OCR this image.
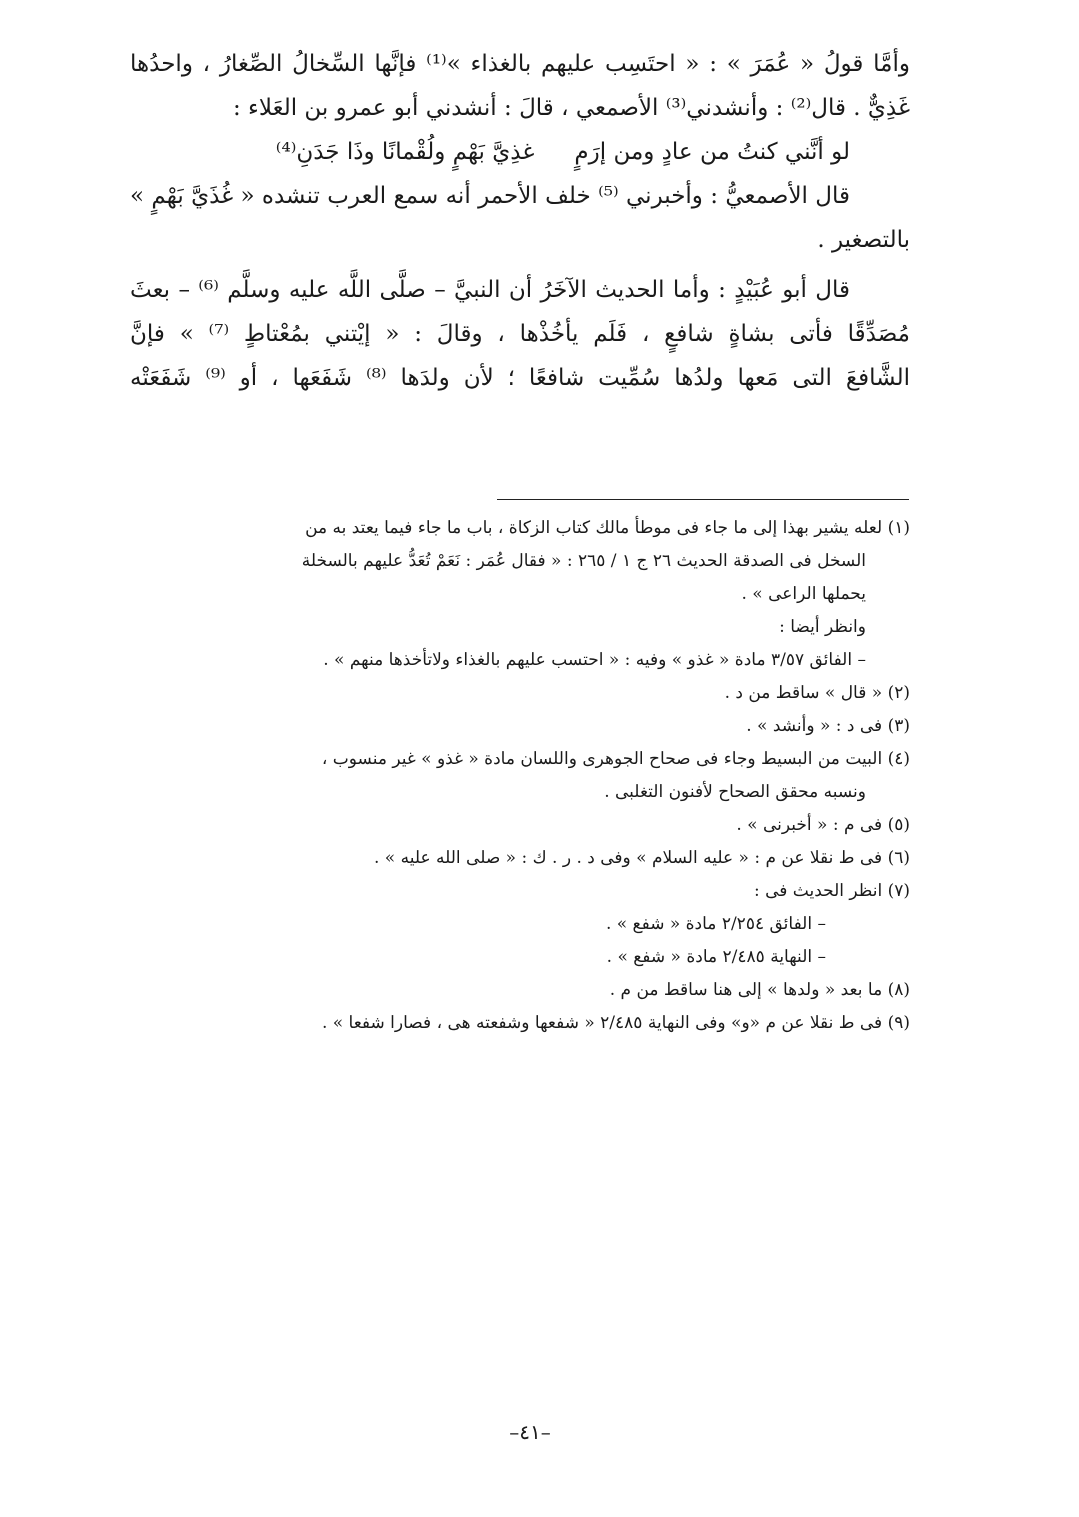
وأمَّا قولُ « عُمَرَ » : « احتَسِب عليهم بالغذاء »⁽¹⁾ فإنَّها السِّخالُ الصِّغارُ ، واحدُها
غَذِيٌّ . قال⁽²⁾ : وأنشدني⁽³⁾ الأصمعي ، قالَ : أنشدني أبو عمرو بن العَلاء :
لو أنَّني كنتُ من عادٍ ومن إرَمٍ
غذِيَّ بَهْمٍ ولُقْمانًا وذَا جَدَنِ⁽⁴⁾
قال الأصمعيُّ : وأخبرني ⁽⁵⁾ خلف الأحمر أنه سمع العرب تنشده « غُذَيَّ بَهْمٍ »
بالتصغير .
قال أبو عُبَيْدٍ : وأما الحديث الآخَرُ أن النبيَّ – صلَّى اللَّه عليه وسلَّم ⁽⁶⁾ – بعثَ
مُصَدِّقًا فأتى بشاةٍ شافعٍ ، فَلَم يأخُذْها ، وقالَ : « إيْتني بمُعْتاطٍ ⁽⁷⁾ » فإنَّ
الشَّافعَ التى مَعها ولدُها سُمِّيت شافعًا ؛ لأن ولدَها ⁽⁸⁾ شَفَعَها ، أو ⁽⁹⁾ شَفَعَتْه
(١) لعله يشير بهذا إلى ما جاء فى موطأ مالك كتاب الزكاة ، باب ما جاء فيما يعتد به من
السخل فى الصدقة الحديث ٢٦ ج ١ / ٢٦٥ : « فقال عُمَر : نَعَمْ تُعَدُّ عليهم بالسخلة
يحملها الراعى » .
وانظر أيضا :
– الفائق ٣/٥٧ مادة « غذو » وفيه : « احتسب عليهم بالغذاء ولاتأخذها منهم » .
(٢) « قال » ساقط من د .
(٣) فى د : « وأنشد » .
(٤) البيت من البسيط وجاء فى صحاح الجوهرى واللسان مادة « غذو » غير منسوب ،
ونسبه محقق الصحاح لأفنون التغلبى .
(٥) فى م : « أخبرنى » .
(٦) فى ط نقلا عن م : « عليه السلام » وفى د . ر . ك : « صلى الله عليه » .
(٧) انظر الحديث فى :
– الفائق ٢/٢٥٤ مادة « شفع » .
– النهاية ٢/٤٨٥ مادة « شفع » .
(٨) ما بعد « ولدها » إلى هنا ساقط من م .
(٩) فى ط نقلا عن م «و» وفى النهاية ٢/٤٨٥ « شفعها وشفعته هى ، فصارا شفعا » .
–٤١–
